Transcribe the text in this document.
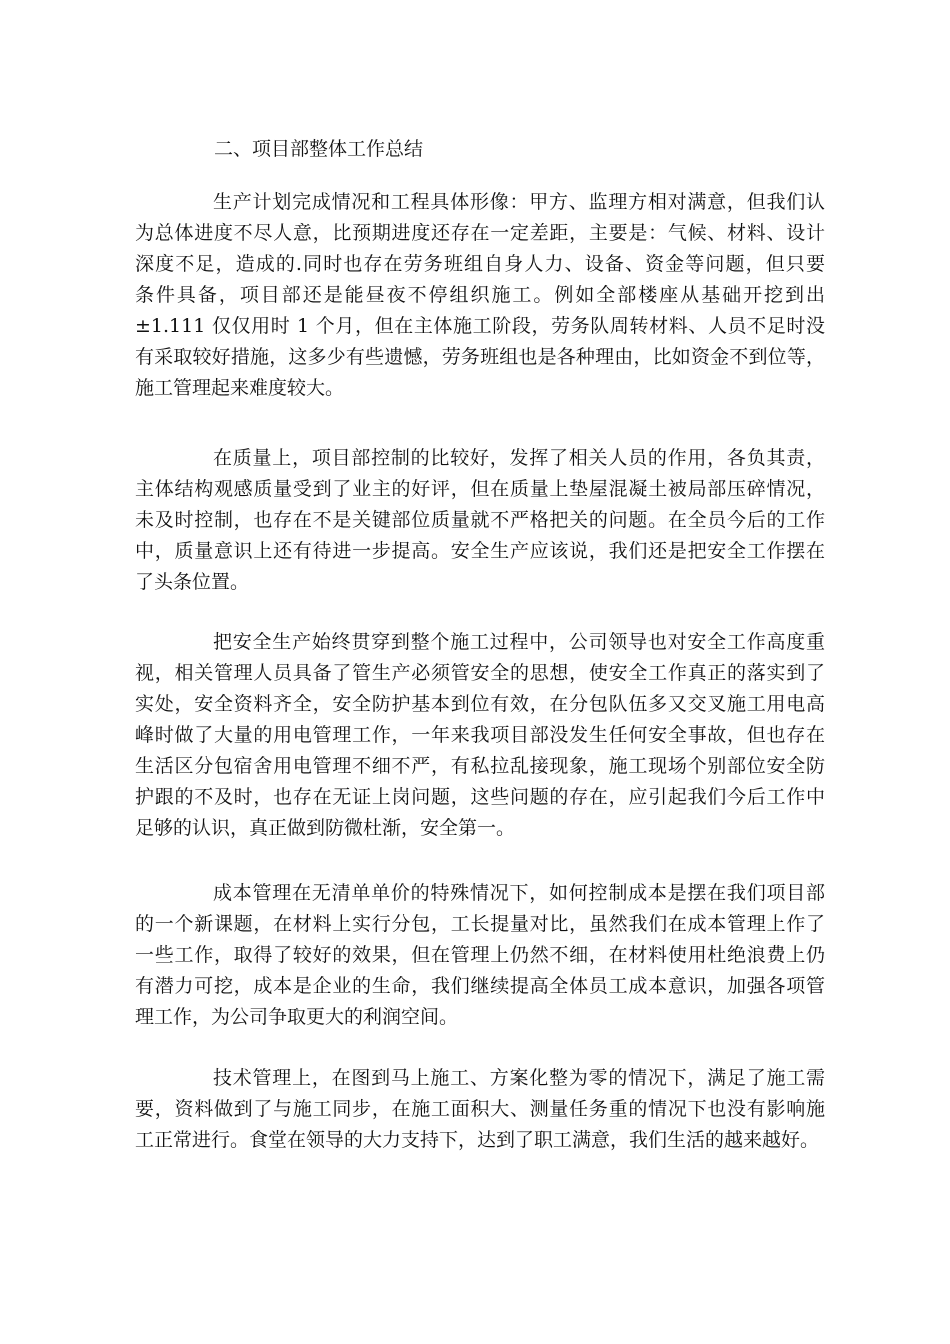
二、项目部整体工作总结
生产计划完成情况和工程具体形像：甲方、监理方相对满意，但我们认
为总体进度不尽人意，比预期进度还存在一定差距，主要是：气候、材料、设计
深度不足，造成的.同时也存在劳务班组自身人力、设备、资金等问题，但只要
条件具备，项目部还是能昼夜不停组织施工。例如全部楼座从基础开挖到出
±1.111 仅仅用时 1 个月，但在主体施工阶段，劳务队周转材料、人员不足时没
有采取较好措施，这多少有些遗憾，劳务班组也是各种理由，比如资金不到位等，
施工管理起来难度较大。
在质量上，项目部控制的比较好，发挥了相关人员的作用，各负其责，
主体结构观感质量受到了业主的好评，但在质量上垫屋混凝土被局部压碎情况，
未及时控制，也存在不是关键部位质量就不严格把关的问题。在全员今后的工作
中，质量意识上还有待进一步提高。安全生产应该说，我们还是把安全工作摆在
了头条位置。
把安全生产始终贯穿到整个施工过程中，公司领导也对安全工作高度重
视，相关管理人员具备了管生产必须管安全的思想，使安全工作真正的落实到了
实处，安全资料齐全，安全防护基本到位有效，在分包队伍多又交叉施工用电高
峰时做了大量的用电管理工作，一年来我项目部没发生任何安全事故，但也存在
生活区分包宿舍用电管理不细不严，有私拉乱接现象，施工现场个别部位安全防
护跟的不及时，也存在无证上岗问题，这些问题的存在，应引起我们今后工作中
足够的认识，真正做到防微杜渐，安全第一。
成本管理在无清单单价的特殊情况下，如何控制成本是摆在我们项目部
的一个新课题，在材料上实行分包，工长提量对比，虽然我们在成本管理上作了
一些工作，取得了较好的效果，但在管理上仍然不细，在材料使用杜绝浪费上仍
有潜力可挖，成本是企业的生命，我们继续提高全体员工成本意识，加强各项管
理工作，为公司争取更大的利润空间。
技术管理上，在图到马上施工、方案化整为零的情况下，满足了施工需
要，资料做到了与施工同步，在施工面积大、测量任务重的情况下也没有影响施
工正常进行。食堂在领导的大力支持下，达到了职工满意，我们生活的越来越好。
